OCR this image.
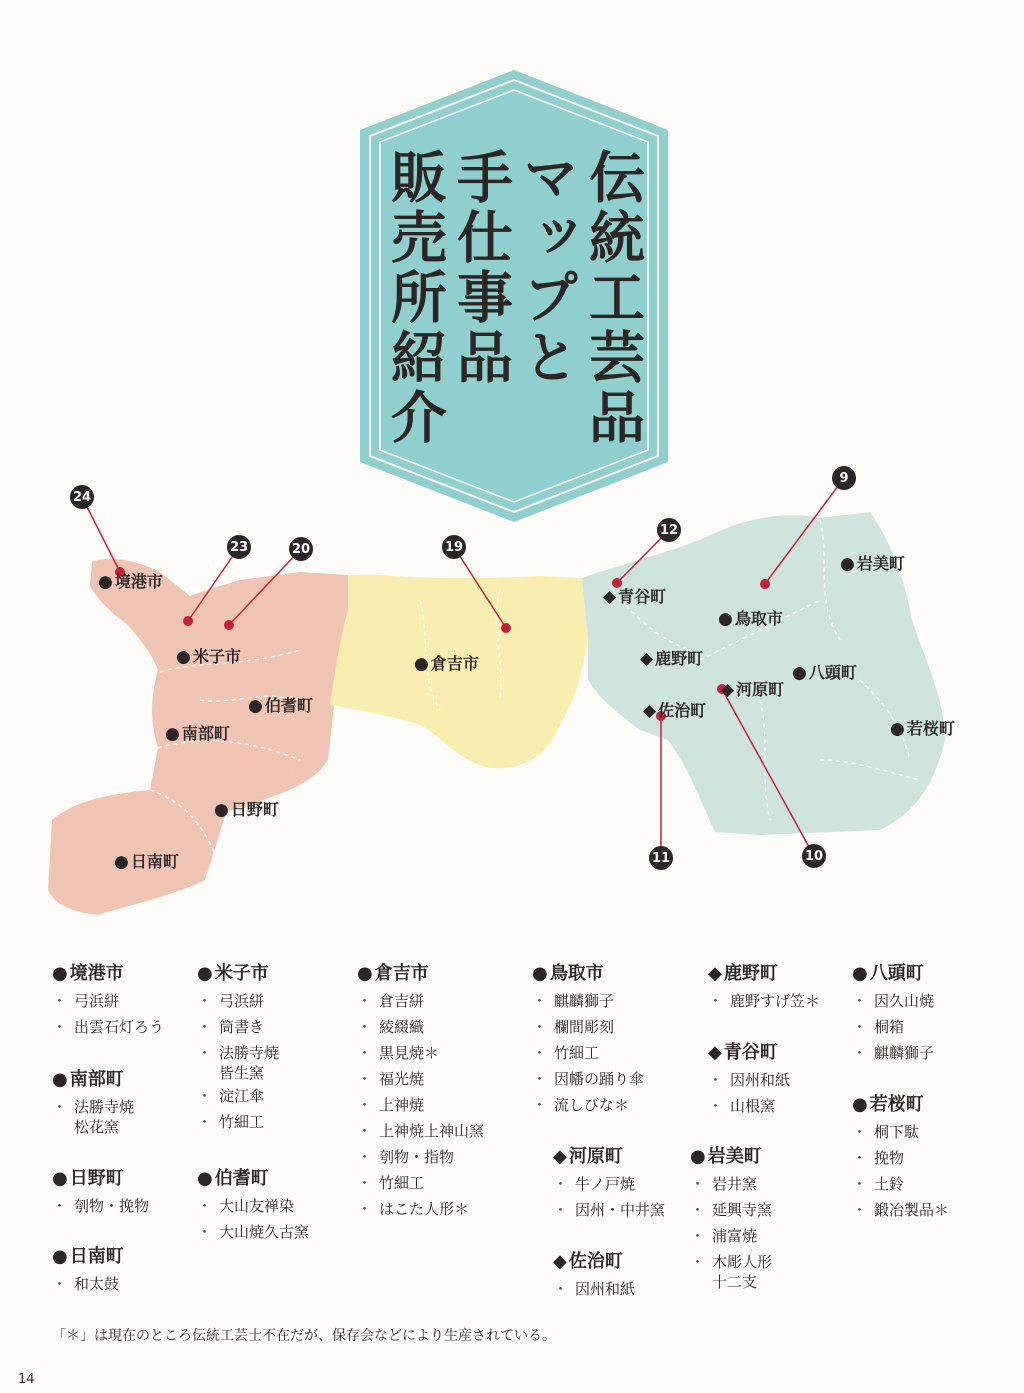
伝統工芸品
マップと
手仕事品
販売所紹介
● 境港市
● 米子市
● 伯耆町
● 南部町
● 日野町
● 日南町
● 倉吉市
◆ 青谷町
● 鳥取市
● 岩美町
◆ 鹿野町
● 八頭町
◆ 河原町
◆ 佐治町
● 若桜町
24
23	20	19
12
9
11	10
● 境港市
・ 弓浜絣
・ 出雲石灯ろう
● 南部町
・ 法勝寺焼
松花窯
● 日野町
・ 刳物・挽物
● 日南町
・ 和太鼓
● 米子市
・ 弓浜絣
・ 筒書き
・ 法勝寺焼
皆生窯
・ 淀江傘
・ 竹細工
● 伯耆町
・ 大山友禅染
・ 大山焼久古窯
● 倉吉市
・ 倉吉絣
・ 綾綴織
・ 黒見焼＊
・ 福光焼
・ 上神焼
・ 上神焼上神山窯
・ 刳物・指物
・ 竹細工
・ はこた人形＊
● 鳥取市
・ 麒麟獅子
・ 欄間彫刻
・ 竹細工
・ 因幡の踊り傘
・ 流しびな＊
◆ 河原町
・ 牛ノ戸焼
・ 因州・中井窯
◆ 佐治町
・ 因州和紙
◆ 鹿野町
・ 鹿野すげ笠＊
◆ 青谷町
・ 因州和紙
・ 山根窯
● 岩美町
・ 岩井窯
・ 延興寺窯
・ 浦富焼
・ 木彫人形
十二支
● 八頭町
・ 因久山焼
・ 桐箱
・ 麒麟獅子
● 若桜町
・ 桐下駄
・ 挽物
・ 土鈴
・ 鍛冶製品＊
「＊」は現在のところ伝統工芸士不在だが、保存会などにより生産されている。
14
